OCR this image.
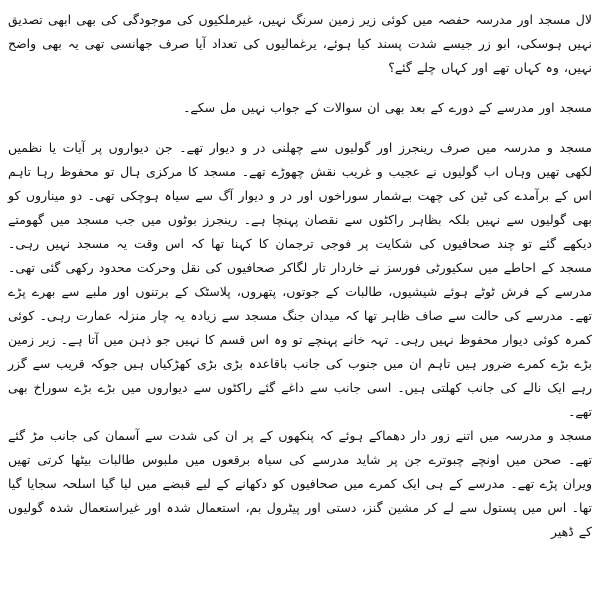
لال مسجد اور مدرسہ حفصہ میں کوئی زیر زمین سرنگ نہیں، غیرملکیوں کی موجودگی کی بھی ابھی تصدیق نہیں ہوسکی، ابو زر جیسے شدت پسند کیا ہوئے، یرغمالیوں کی تعداد آیا صرف جھانسی تھی یہ بھی واضح نہیں، وہ کہاں تھے اور کہاں چلے گئے؟

مسجد اور مدرسے کے دورے کے بعد بھی ان سوالات کے جواب نہیں مل سکے۔

مسجد و مدرسہ میں صرف رینجرز اور گولیوں سے چھلنی در و دیوار تھے۔ جن دیواروں پر آیات یا نظمیں لکھی تھیں وہاں اب گولیوں نے عجیب و غریب نقش چھوڑے تھے۔ مسجد کا مرکزی ہال تو محفوظ رہا تاہم اس کے برآمدے کی ٹین کی چھت بےشمار سوراخوں اور در و دیوار آگ سے سیاہ ہوچکی تھی۔ دو میناروں کو بھی گولیوں سے نہیں بلکہ بظاہر راکٹوں سے نقصان پہنچا ہے۔ رینجرز بوٹوں میں جب مسجد میں گھومتے دیکھے گئے تو چند صحافیوں کی شکایت پر فوجی ترجمان کا کہنا تھا کہ اس وقت یہ مسجد نہیں رہی۔ مسجد کے احاطے میں سکیورٹی فورسز نے خاردار تار لگاکر صحافیوں کی نقل وحرکت محدود رکھی گئی تھی۔ مدرسے کے فرش ٹوٹے ہوئے شیشیوں، طالبات کے جوتوں، پتھروں، پلاسٹک کے برتنوں اور ملبے سے بھرے پڑے تھے۔ مدرسے کی حالت سے صاف ظاہر تھا کہ میدان جنگ مسجد سے زیادہ یہ چار منزلہ عمارت رہی۔ کوئی کمرہ کوئی دیوار محفوظ نہیں رہی۔ تہہ خانے پہنچے تو وہ اس قسم کا نہیں جو ذہن میں آتا ہے۔ زیر زمین بڑے بڑے کمرے ضرور ہیں تاہم ان میں جنوب کی جانب باقاعدہ بڑی بڑی کھڑکیاں ہیں جوکہ قریب سے گزر رہے ایک نالے کی جانب کھلتی ہیں۔ اسی جانب سے داغے گئے راکٹوں سے دیواروں میں بڑے بڑے سوراخ بھی تھے۔

مسجد و مدرسہ میں اتنے زور دار دھماکے ہوئے کہ پنکھوں کے پر ان کی شدت سے آسمان کی جانب مڑ گئے تھے۔ صحن میں اونچے چبوترے جن پر شاید مدرسے کی سیاہ برقعوں میں ملبوس طالبات بیٹھا کرتی تھیں ویران پڑے تھے۔ مدرسے کے ہی ایک کمرے میں صحافیوں کو دکھانے کے لیے قبضے میں لیا گیا اسلحہ سجایا گیا تھا۔ اس میں پستول سے لے کر مشین گنز، دستی اور پیٹرول بم، استعمال شدہ اور غیراستعمال شدہ گولیوں کے ڈھیر
